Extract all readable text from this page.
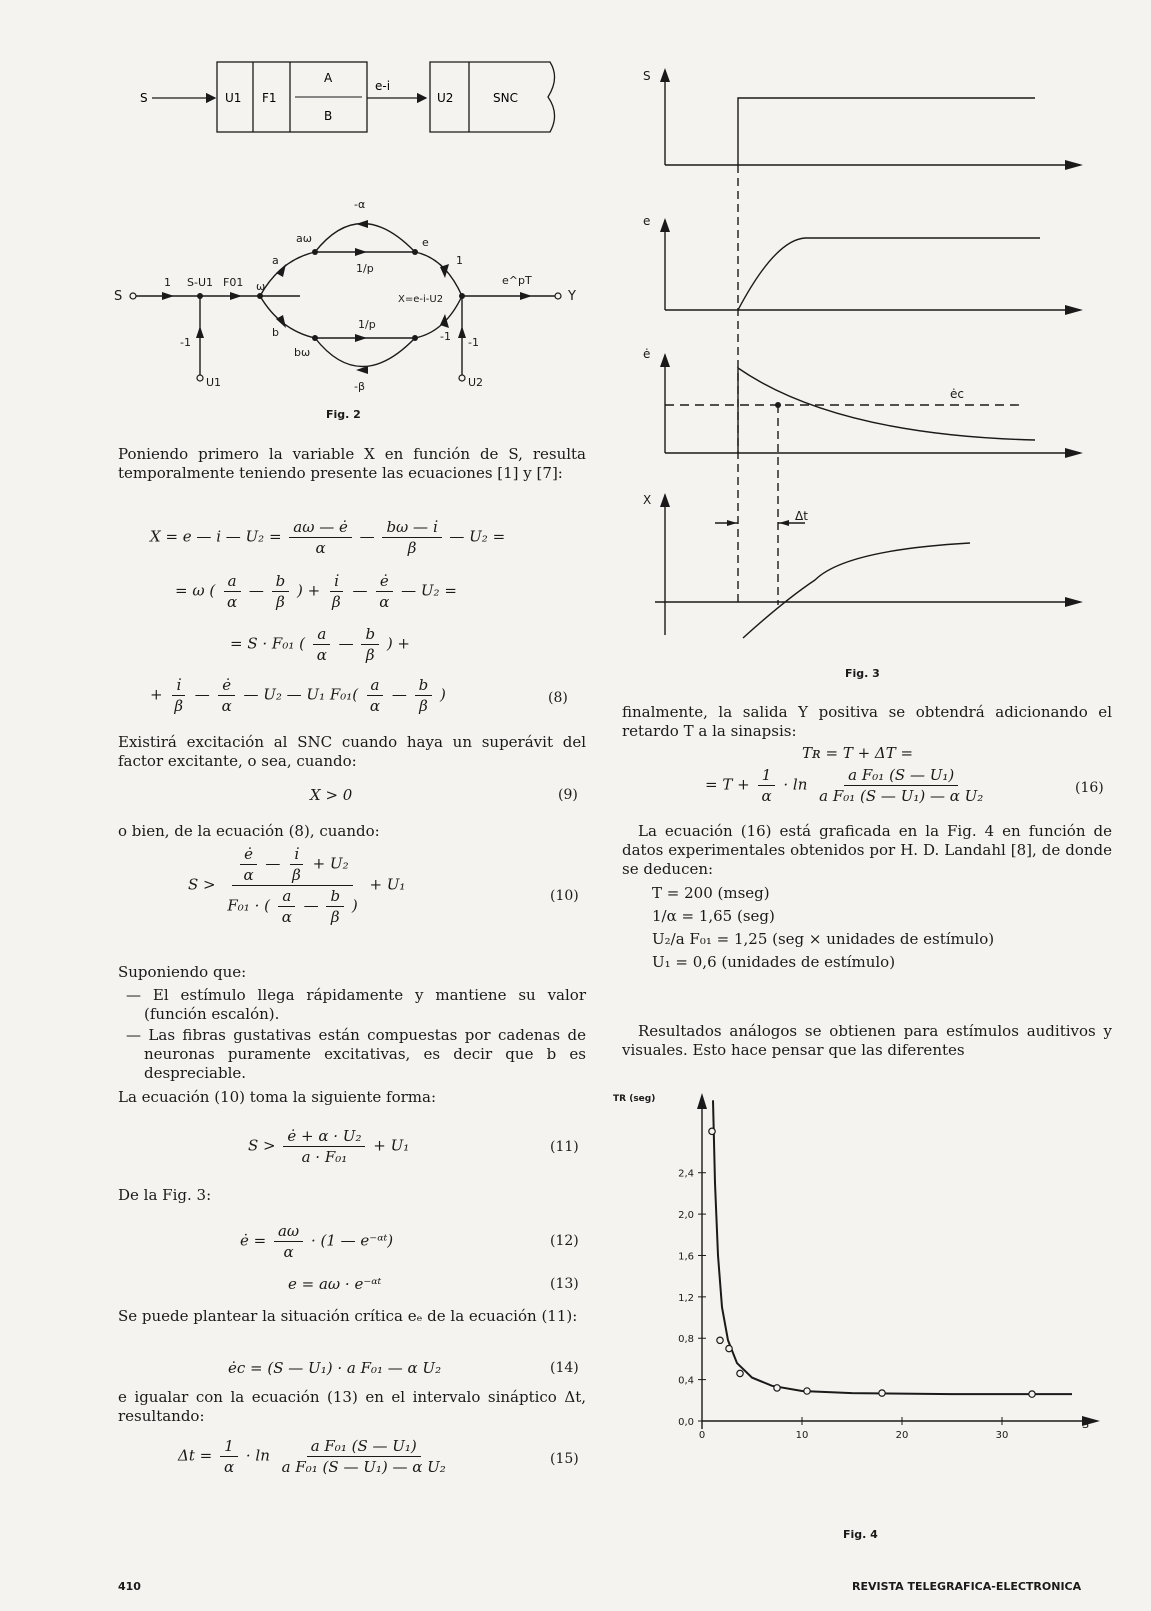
S	U1 F1
A
B
e-i
U2	SNC
S	Y
U1	U2
1 S-U1 F01 ω
-1
a
aω
-α
e
1/p
1
e^pT
X=e-i-U2
b
bω
1/p
-β
-1 -1
Fig. 2

Poniendo primero la variable X en función de S, resulta temporalmente teniendo presente las ecuaciones [1] y [7]:

X = e — i — $U_2 = \frac{a\omega — ė}{\alpha}$ — $\frac{b\omega — i̇}{\beta}$ — U₂ =
= ω ( $\frac{a}{\alpha}$ — $\frac{b}{\beta}$ ) + $\frac{i̇}{\beta}$ — $\frac{ė}{\alpha}$ — U₂ =
= S · F₀₁ ( $\frac{a}{\alpha}$ — $\frac{b}{\beta}$ ) +
+ $\frac{i̇}{\beta}$ — $\frac{ė}{\alpha}$ — U₂ — U₁ $F_{01}( \frac{a}{\alpha}$ — $\frac{b}{\beta}$ )	(8)

Existirá excitación al SNC cuando haya un superávit del factor excitante, o sea, cuando:

X > 0	(9)

o bien, de la ecuación (8), cuando:

$S > \frac{\frac{ė}{\alpha} — \frac{i̇}{\beta} + U_2}{F_{01} \cdot ( \frac{a}{\alpha} — \frac{b}{\beta} )} + U_1$
(10)

Suponiendo que:

— El estímulo llega rápidamente y mantiene su valor (función escalón).
— Las fibras gustativas están compuestas por cadenas de neuronas puramente excitativas, es decir que b es despreciable.

La ecuación (10) toma la siguiente forma:

$S > \frac{\text{ė + α · U₂}}{\text{a · F₀₁}} + U_1$	(11)

De la Fig. 3:

ė = $\frac{a\omega}{\alpha} \cdot (1$ — e⁻ᵅᵗ)	(12)
e = aω · e⁻ᵅᵗ	(13)

Se puede plantear la situación crítica eₑ de la ecuación (11):

ėc = (S — U₁) · a F₀₁ — α U₂	(14)

e igualar con la ecuación (13) en el intervalo sináptico Δt, resultando:

$\Delta t = \frac{1}{\alpha} \cdot \ln \frac{\text{a F₀₁ (S — U₁)}}{\text{a F₀₁ (S — U₁) — α U₂}}$	(15)
410
S
e
ė
X
ėc
Δt
Fig. 3

finalmente, la salida Y positiva se obtendrá adicionando el retardo T a la sinapsis:

Tʀ = T + ΔT =
= $T + \frac{1}{\alpha} \cdot \ln \frac{\text{a F₀₁ (S — U₁)}}{\text{a F₀₁ (S — U₁) — α U₂}}$	(16)

La ecuación (16) está graficada en la Fig. 4 en función de datos experimentales obtenidos por H. D. Landahl [8], de donde se deducen:

T = 200 (mseg)
1/α = 1,65 (seg)
U₂/a F₀₁ = 1,25 (seg × unidades de estímulo)
U₁ = 0,6 (unidades de estímulo)

Resultados análogos se obtienen para estímulos auditivos y visuales. Esto hace pensar que las diferentes

0,0
0,4
0,8
1,2
1,6
2,0
2,4
0	10	20	30
TR (seg)
S
Fig. 4
REVISTA TELEGRAFICA-ELECTRONICA
